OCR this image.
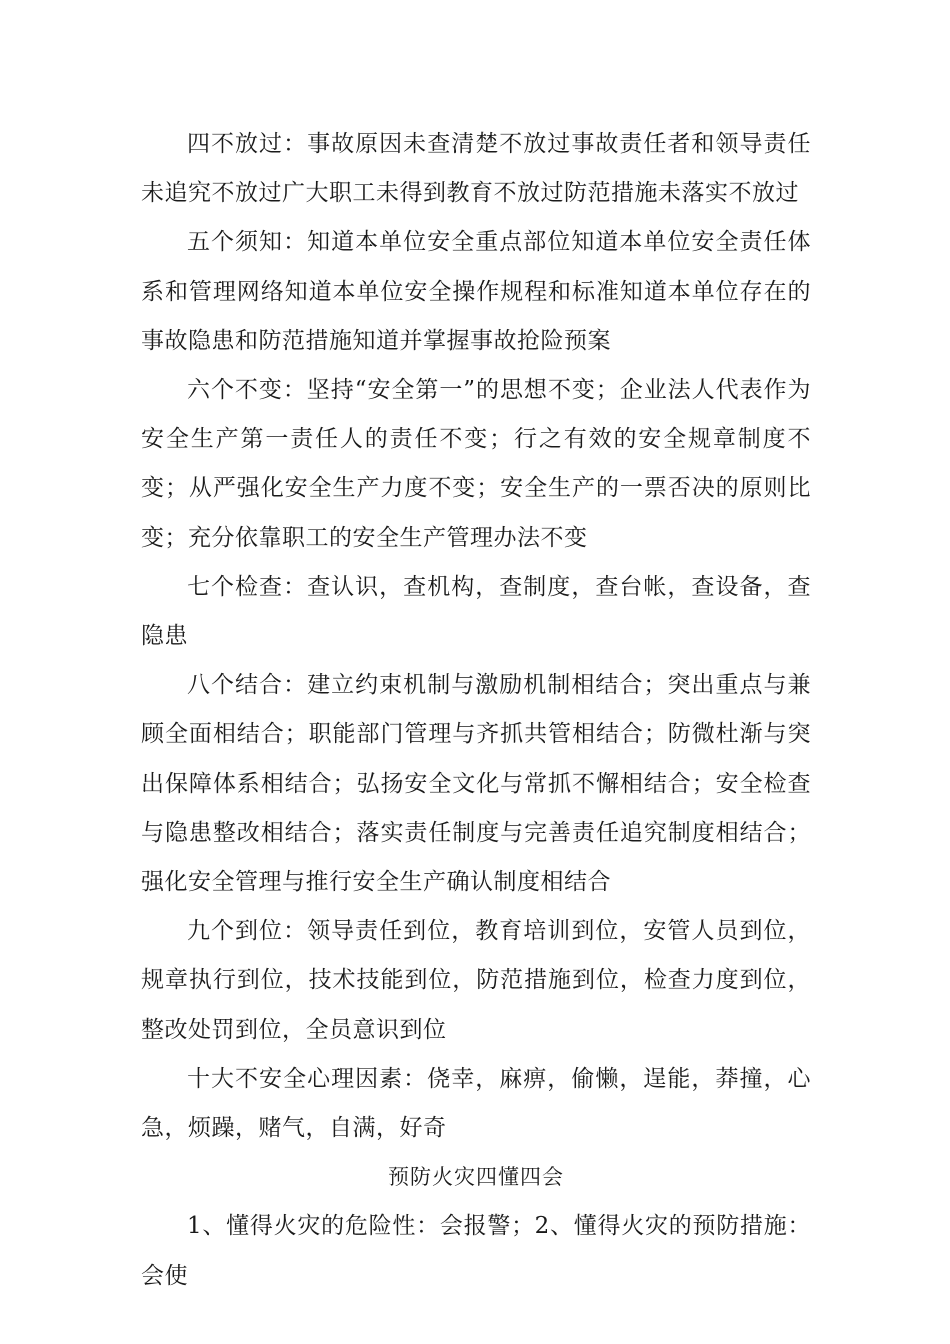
四不放过：事故原因未查清楚不放过事故责任者和领导责任未追究不放过广大职工未得到教育不放过防范措施未落实不放过

五个须知：知道本单位安全重点部位知道本单位安全责任体系和管理网络知道本单位安全操作规程和标准知道本单位存在的事故隐患和防范措施知道并掌握事故抢险预案

六个不变：坚持“安全第一”的思想不变；企业法人代表作为安全生产第一责任人的责任不变；行之有效的安全规章制度不变；从严强化安全生产力度不变；安全生产的一票否决的原则比变；充分依靠职工的安全生产管理办法不变

七个检查：查认识，查机构，查制度，查台帐，查设备，查隐患

八个结合：建立约束机制与激励机制相结合；突出重点与兼顾全面相结合；职能部门管理与齐抓共管相结合；防微杜渐与突出保障体系相结合；弘扬安全文化与常抓不懈相结合；安全检查与隐患整改相结合；落实责任制度与完善责任追究制度相结合；强化安全管理与推行安全生产确认制度相结合

九个到位：领导责任到位，教育培训到位，安管人员到位，规章执行到位，技术技能到位，防范措施到位，检查力度到位，整改处罚到位，全员意识到位

十大不安全心理因素：侥幸，麻痹，偷懒，逞能，莽撞，心急，烦躁，赌气，自满，好奇

预防火灾四懂四会

1、懂得火灾的危险性：会报警；2、懂得火灾的预防措施：会使
